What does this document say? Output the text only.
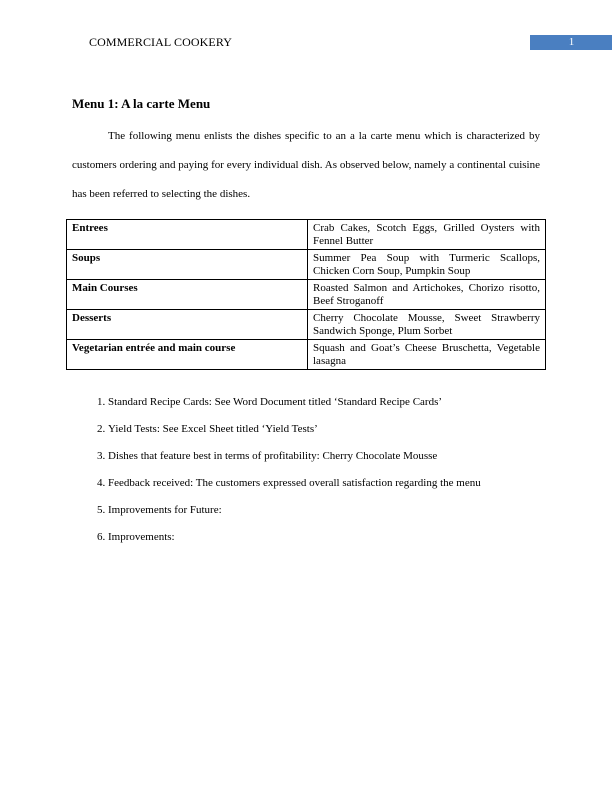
COMMERCIAL COOKERY	1
Menu 1: A la carte Menu

The following menu enlists the dishes specific to an a la carte menu which is characterized by customers ordering and paying for every individual dish. As observed below, namely a continental cuisine has been referred to selecting the dishes.

Entrees	Crab Cakes, Scotch Eggs, Grilled Oysters with Fennel Butter
Soups	Summer Pea Soup with Turmeric Scallops, Chicken Corn Soup, Pumpkin Soup
Main Courses	Roasted Salmon and Artichokes, Chorizo risotto, Beef Stroganoff
Desserts	Cherry Chocolate Mousse, Sweet Strawberry Sandwich Sponge, Plum Sorbet
Vegetarian entrée and main course	Squash and Goat’s Cheese Bruschetta, Vegetable lasagna
1. Standard Recipe Cards: See Word Document titled ‘Standard Recipe Cards’
2. Yield Tests: See Excel Sheet titled ‘Yield Tests’
3. Dishes that feature best in terms of profitability: Cherry Chocolate Mousse
4. Feedback received: The customers expressed overall satisfaction regarding the menu
5. Improvements for Future:
6. Improvements:
